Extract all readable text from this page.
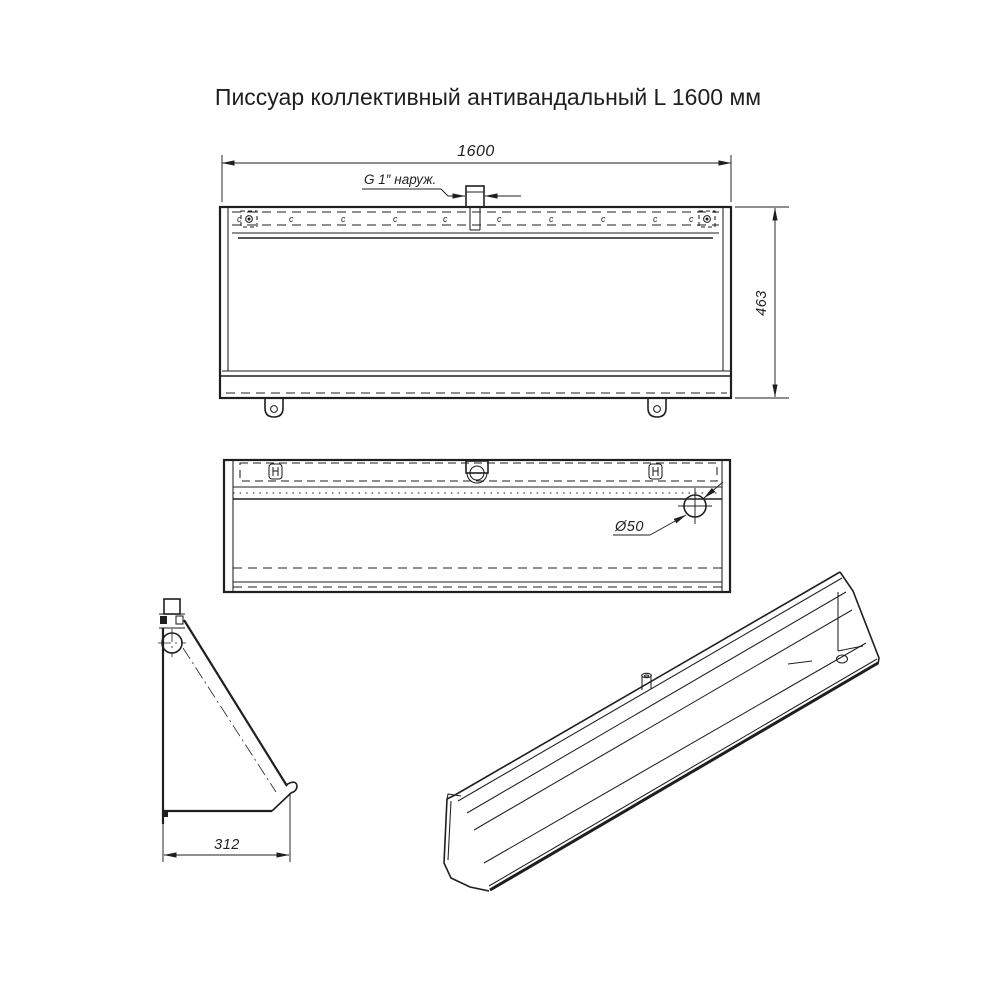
Писсуар коллективный антивандальный L 1600 мм
c	c	c	c	c	c	c	c	c	c
G 1″ наруж.
1600
463
Ø50
312
